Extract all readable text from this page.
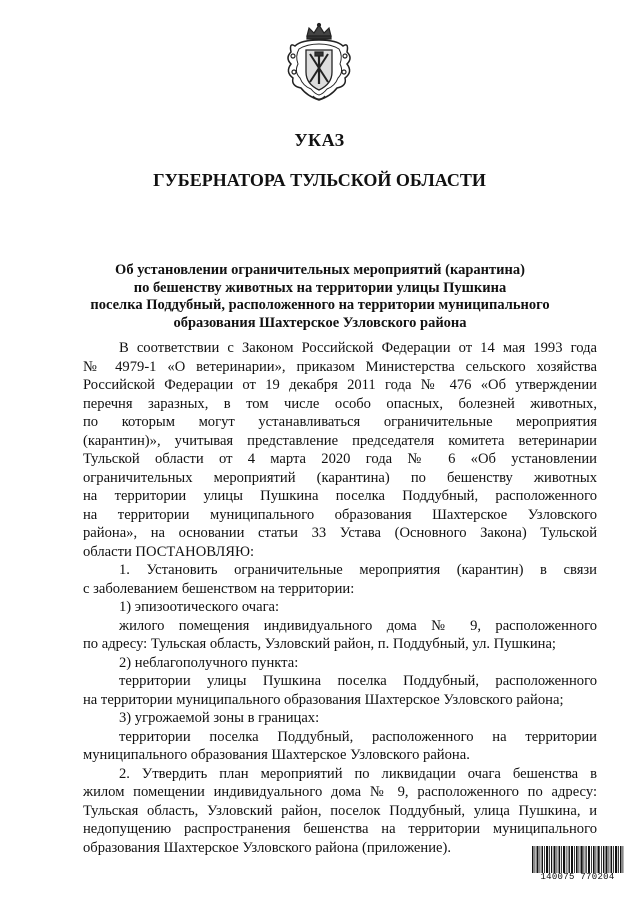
УКАЗ
ГУБЕРНАТОРА ТУЛЬСКОЙ ОБЛАСТИ
Об установлении ограничительных мероприятий (карантина)
по бешенству животных на территории улицы Пушкина
поселка Поддубный, расположенного на территории муниципального
образования Шахтерское Узловского района
В соответствии с Законом Российской Федерации от 14 мая 1993 года
№ 4979-1 «О ветеринарии», приказом Министерства сельского хозяйства
Российской Федерации от 19 декабря 2011 года № 476 «Об утверждении
перечня заразных, в том числе особо опасных, болезней животных,
по которым могут устанавливаться ограничительные мероприятия
(карантин)», учитывая представление председателя комитета ветеринарии
Тульской области от 4 марта 2020 года № 6 «Об установлении
ограничительных мероприятий (карантина) по бешенству животных
на территории улицы Пушкина поселка Поддубный, расположенного
на территории муниципального образования Шахтерское Узловского
района», на основании статьи 33 Устава (Основного Закона) Тульской
области ПОСТАНОВЛЯЮ:
1. Установить ограничительные мероприятия (карантин) в связи
с заболеванием бешенством на территории:
1) эпизоотического очага:
жилого помещения индивидуального дома № 9, расположенного
по адресу: Тульская область, Узловский район, п. Поддубный, ул. Пушкина;
2) неблагополучного пункта:
территории улицы Пушкина поселка Поддубный, расположенного
на территории муниципального образования Шахтерское Узловского района;
3) угрожаемой зоны в границах:
территории поселка Поддубный, расположенного на территории
муниципального образования Шахтерское Узловского района.
2. Утвердить план мероприятий по ликвидации очага бешенства в
жилом помещении индивидуального дома № 9, расположенного по адресу:
Тульская область, Узловский район, поселок Поддубный, улица Пушкина, и
недопущению распространения бешенства на территории муниципального
образования Шахтерское Узловского района (приложение).
140075 770204
